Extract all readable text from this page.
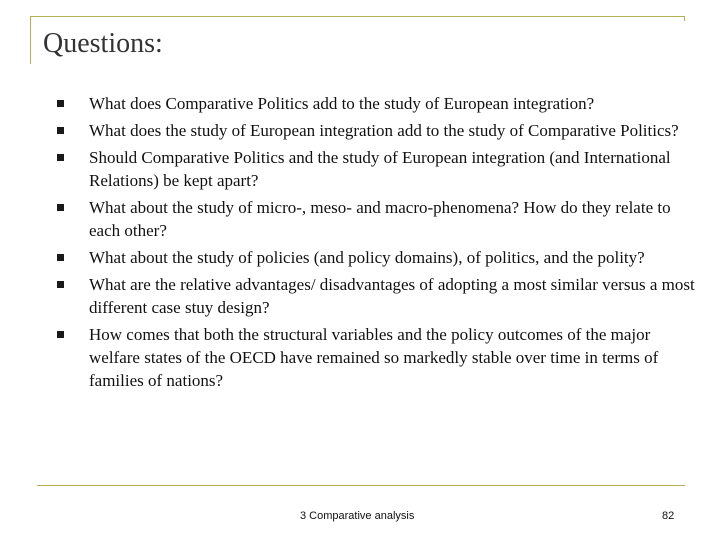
Questions:
What does Comparative Politics add to the study of European integration?
What does the study of European integration add to the study of Comparative Politics?
Should Comparative Politics and the study of European integration (and International Relations) be kept apart?
What about the study of micro-, meso- and macro-phenomena? How do they relate to each other?
What about the study of policies (and policy domains), of politics, and the polity?
What are the relative advantages/ disadvantages of adopting a most similar versus a most different case stuy design?
How comes that both the structural variables and the policy outcomes of the major welfare states of the OECD have remained so markedly stable over time in terms of families of nations?
3 Comparative analysis	82
